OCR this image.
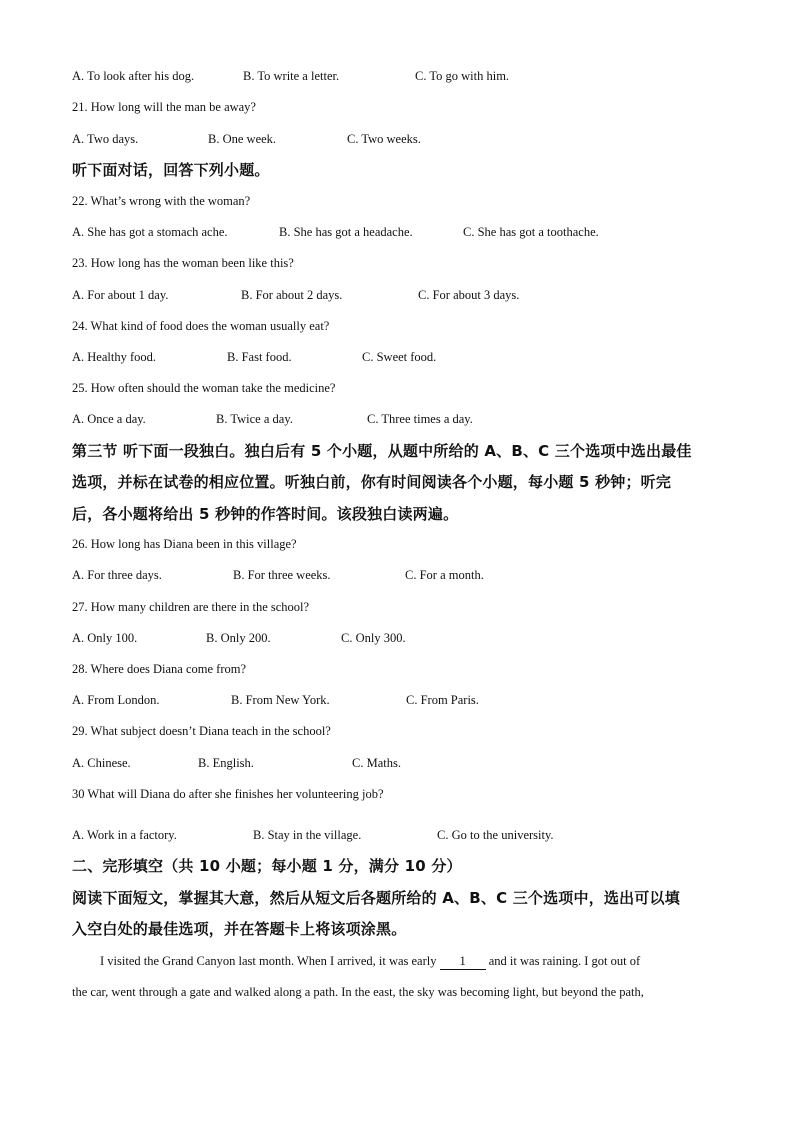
A. To look after his dog.	B. To write a letter.	C. To go with him.
21. How long will the man be away?
A. Two days.	B. One week.	C. Two weeks.
听下面对话，回答下列小题。
22. What’s wrong with the woman?
A. She has got a stomach ache.	B. She has got a headache.	C. She has got a toothache.
23. How long has the woman been like this?
A. For about 1 day.	B. For about 2 days.	C. For about 3 days.
24. What kind of food does the woman usually eat?
A. Healthy food.	B. Fast food.	C. Sweet food.
25. How often should the woman take the medicine?
A. Once a day.	B. Twice a day.	C. Three times a day.
第三节 听下面一段独白。独白后有 5 个小题，从题中所给的 A、B、C 三个选项中选出最佳
选项，并标在试卷的相应位置。听独白前，你有时间阅读各个小题，每小题 5 秒钟；听完
后，各小题将给出 5 秒钟的作答时间。该段独白读两遍。
26. How long has Diana been in this village?
A. For three days.	B. For three weeks.	C. For a month.
27. How many children are there in the school?
A. Only 100.	B. Only 200.	C. Only 300.
28. Where does Diana come from?
A. From London.	B. From New York.	C. From Paris.
29. What subject doesn’t Diana teach in the school?
A. Chinese.	B. English.	C. Maths.
30 What will Diana do after she finishes her volunteering job?
A. Work in a factory.	B. Stay in the village.	C. Go to the university.
二、完形填空（共 10 小题；每小题 1 分，满分 10 分）
阅读下面短文，掌握其大意，然后从短文后各题所给的 A、B、C 三个选项中，选出可以填
入空白处的最佳选项，并在答题卡上将该项涂黑。
I visited the Grand Canyon last month. When I arrived, it was early 1 and it was raining. I got out of
the car, went through a gate and walked along a path. In the east, the sky was becoming light, but beyond the path,
